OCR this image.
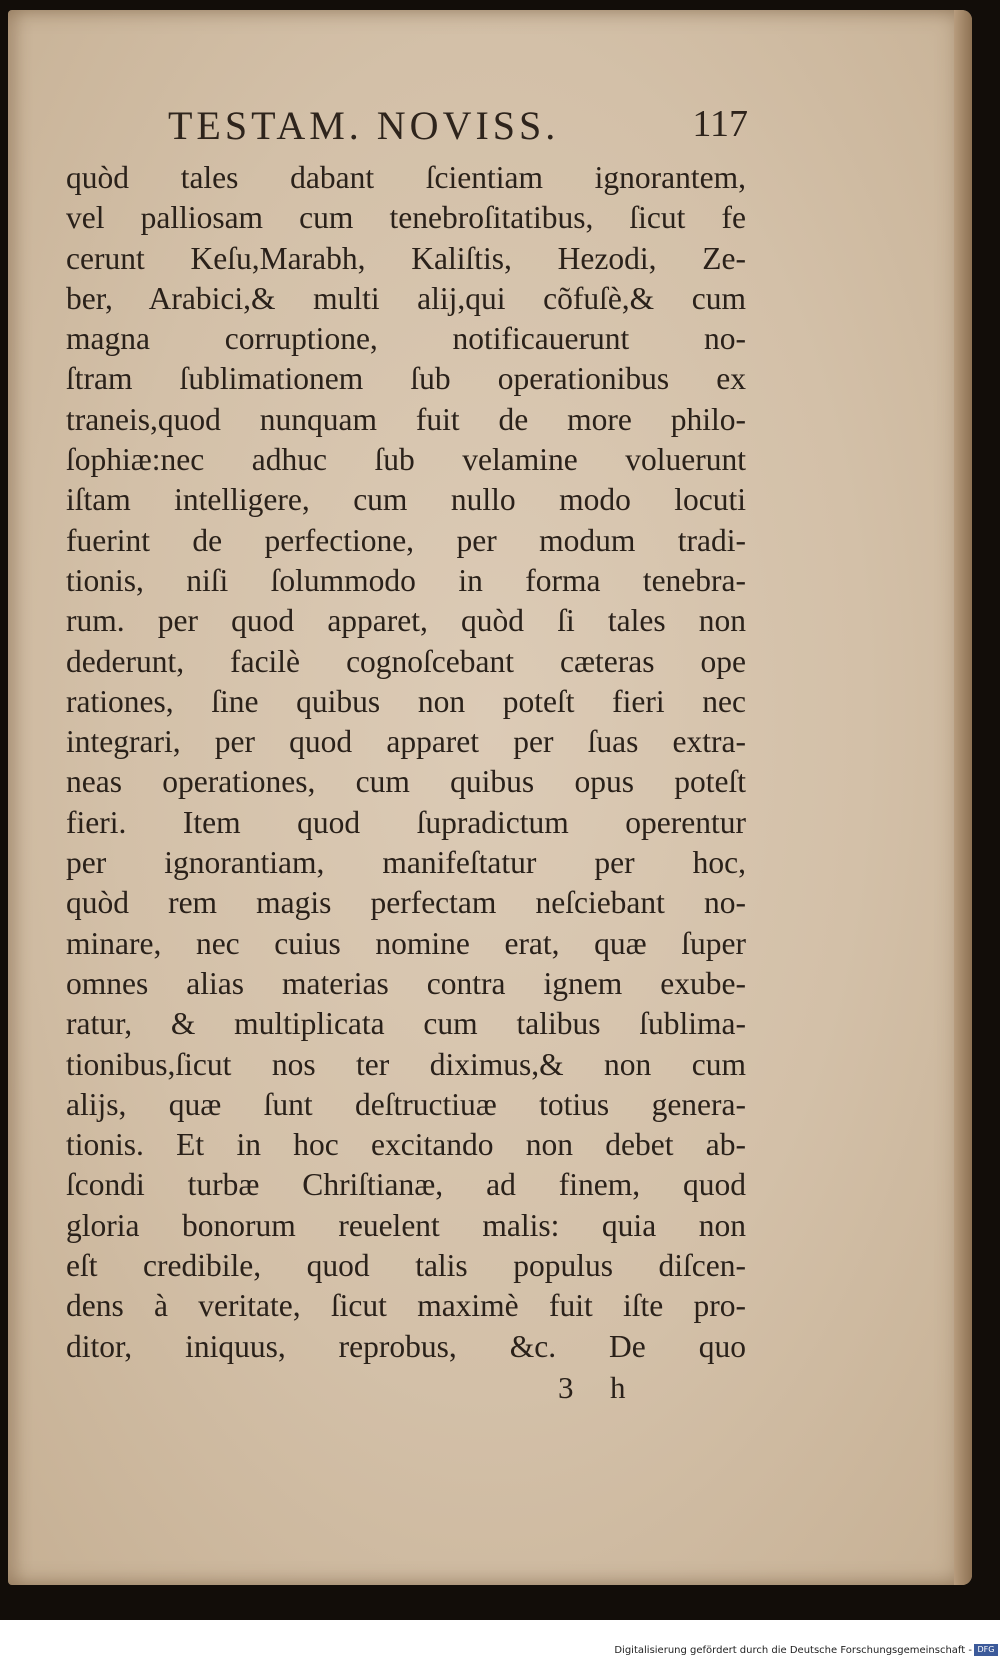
TESTAM. NOVISS.	117
quòd tales dabant ſcientiam ignorantem,
vel palliosam cum tenebroſitatibus, ſicut fe
cerunt Keſu,Marabh, Kaliſtis, Hezodi, Ze-
ber, Arabici,& multi alij,qui cõfuſè,& cum
magna corruptione, notificauerunt no-
ſtram ſublimationem ſub operationibus ex
traneis,quod nunquam fuit de more philo-
ſophiæ:nec adhuc ſub velamine voluerunt
iſtam intelligere, cum nullo modo locuti
fuerint de perfectione, per modum tradi-
tionis, niſi ſolummodo in forma tenebra-
rum. per quod apparet, quòd ſi tales non
dederunt, facilè cognoſcebant cæteras ope
rationes, ſine quibus non poteſt fieri nec
integrari, per quod apparet per ſuas extra-
neas operationes, cum quibus opus poteſt
fieri. Item quod ſupradictum operentur
per ignorantiam, manifeſtatur per hoc,
quòd rem magis perfectam neſciebant no-
minare, nec cuius nomine erat, quæ ſuper
omnes alias materias contra ignem exube-
ratur, & multiplicata cum talibus ſublima-
tionibus,ſicut nos ter diximus,& non cum
alijs, quæ ſunt deſtructiuæ totius genera-
tionis. Et in hoc excitando non debet ab-
ſcondi turbæ Chriſtianæ, ad finem, quod
gloria bonorum reuelent malis: quia non
eſt credibile, quod talis populus diſcen-
dens à veritate, ſicut maximè fuit iſte pro-
ditor, iniquus, reprobus, &c. De quo
3 h
Digitalisierung gefördert durch die Deutsche Forschungsgemeinschaft - DFG
